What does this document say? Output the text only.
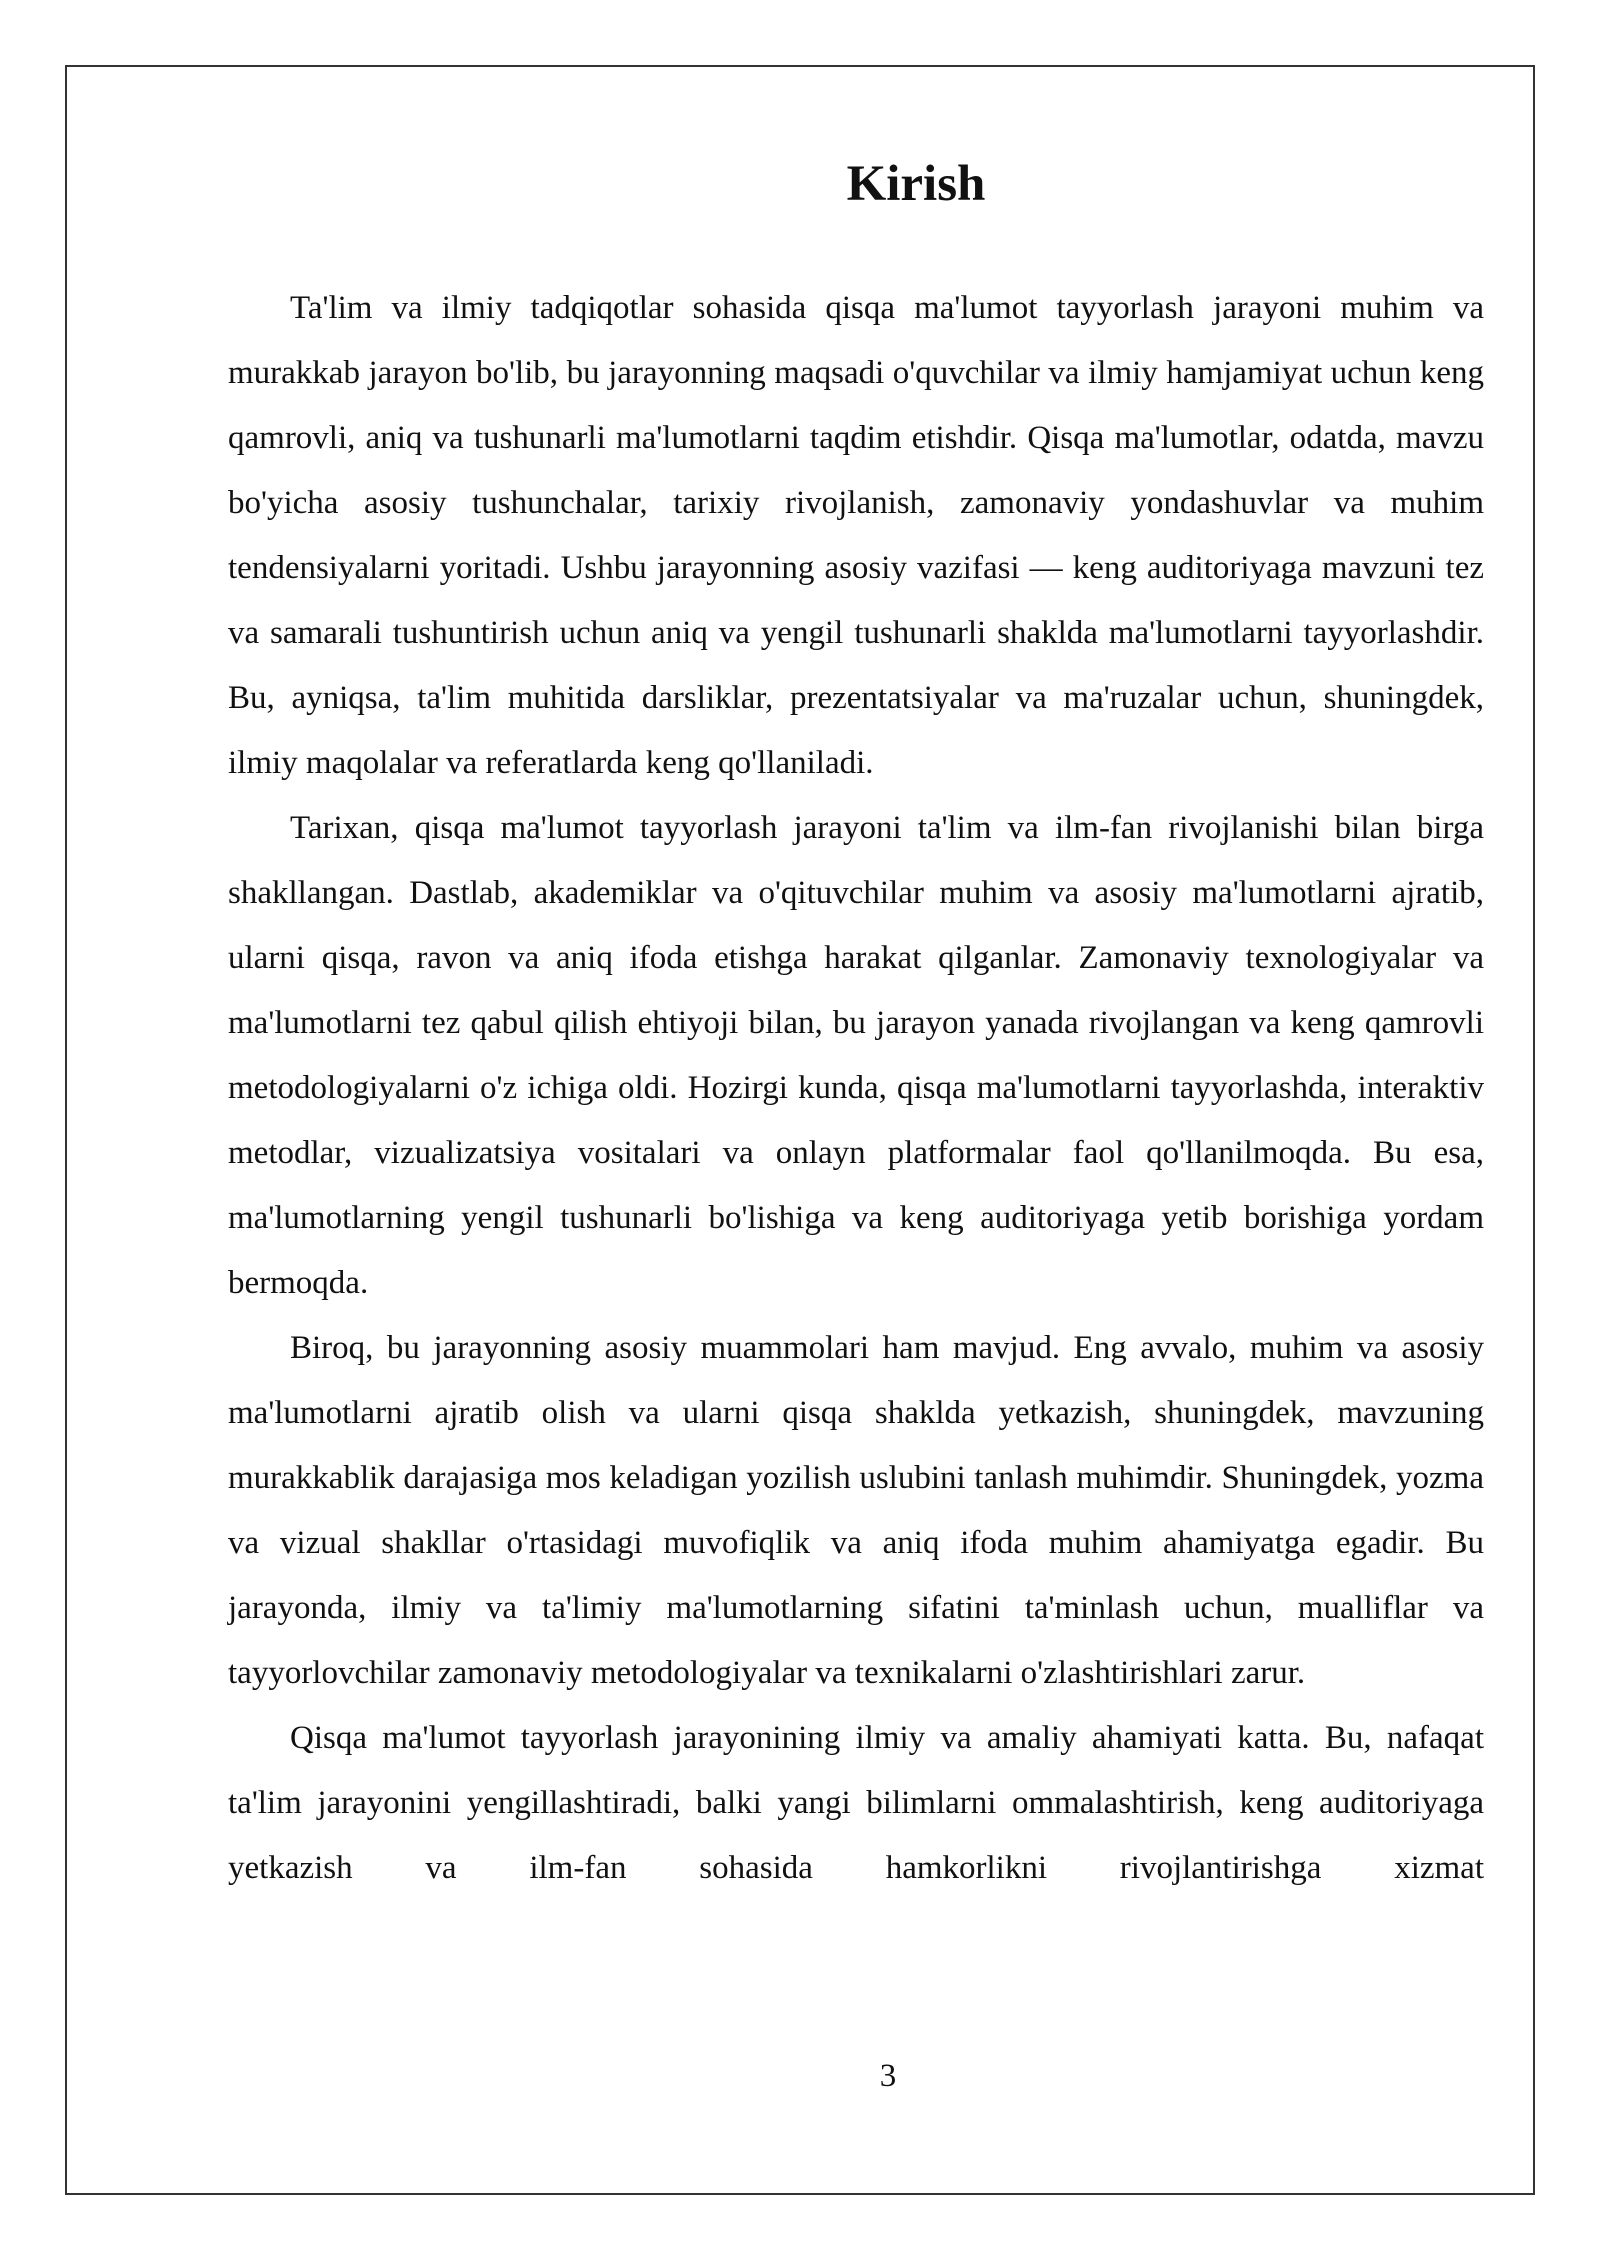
Kirish

Ta'lim va ilmiy tadqiqotlar sohasida qisqa ma'lumot tayyorlash jarayoni muhim va murakkab jarayon bo'lib, bu jarayonning maqsadi o'quvchilar va ilmiy hamjamiyat uchun keng qamrovli, aniq va tushunarli ma'lumotlarni taqdim etishdir. Qisqa ma'lumotlar, odatda, mavzu bo'yicha asosiy tushunchalar, tarixiy rivojlanish, zamonaviy yondashuvlar va muhim tendensiyalarni yoritadi. Ushbu jarayonning asosiy vazifasi — keng auditoriyaga mavzuni tez va samarali tushuntirish uchun aniq va yengil tushunarli shaklda ma'lumotlarni tayyorlashdir. Bu, ayniqsa, ta'lim muhitida darsliklar, prezentatsiyalar va ma'ruzalar uchun, shuningdek, ilmiy maqolalar va referatlarda keng qo'llaniladi.

Tarixan, qisqa ma'lumot tayyorlash jarayoni ta'lim va ilm-fan rivojlanishi bilan birga shakllangan. Dastlab, akademiklar va o'qituvchilar muhim va asosiy ma'lumotlarni ajratib, ularni qisqa, ravon va aniq ifoda etishga harakat qilganlar. Zamonaviy texnologiyalar va ma'lumotlarni tez qabul qilish ehtiyoji bilan, bu jarayon yanada rivojlangan va keng qamrovli metodologiyalarni o'z ichiga oldi. Hozirgi kunda, qisqa ma'lumotlarni tayyorlashda, interaktiv metodlar, vizualizatsiya vositalari va onlayn platformalar faol qo'llanilmoqda. Bu esa, ma'lumotlarning yengil tushunarli bo'lishiga va keng auditoriyaga yetib borishiga yordam bermoqda.

Biroq, bu jarayonning asosiy muammolari ham mavjud. Eng avvalo, muhim va asosiy ma'lumotlarni ajratib olish va ularni qisqa shaklda yetkazish, shuningdek, mavzuning murakkablik darajasiga mos keladigan yozilish uslubini tanlash muhimdir. Shuningdek, yozma va vizual shakllar o'rtasidagi muvofiqlik va aniq ifoda muhim ahamiyatga egadir. Bu jarayonda, ilmiy va ta'limiy ma'lumotlarning sifatini ta'minlash uchun, mualliflar va tayyorlovchilar zamonaviy metodologiyalar va texnikalarni o'zlashtirishlari zarur.

Qisqa ma'lumot tayyorlash jarayonining ilmiy va amaliy ahamiyati katta. Bu, nafaqat ta'lim jarayonini yengillashtiradi, balki yangi bilimlarni ommalashtirish, keng auditoriyaga yetkazish va ilm-fan sohasida hamkorlikni rivojlantirishga xizmat

3
